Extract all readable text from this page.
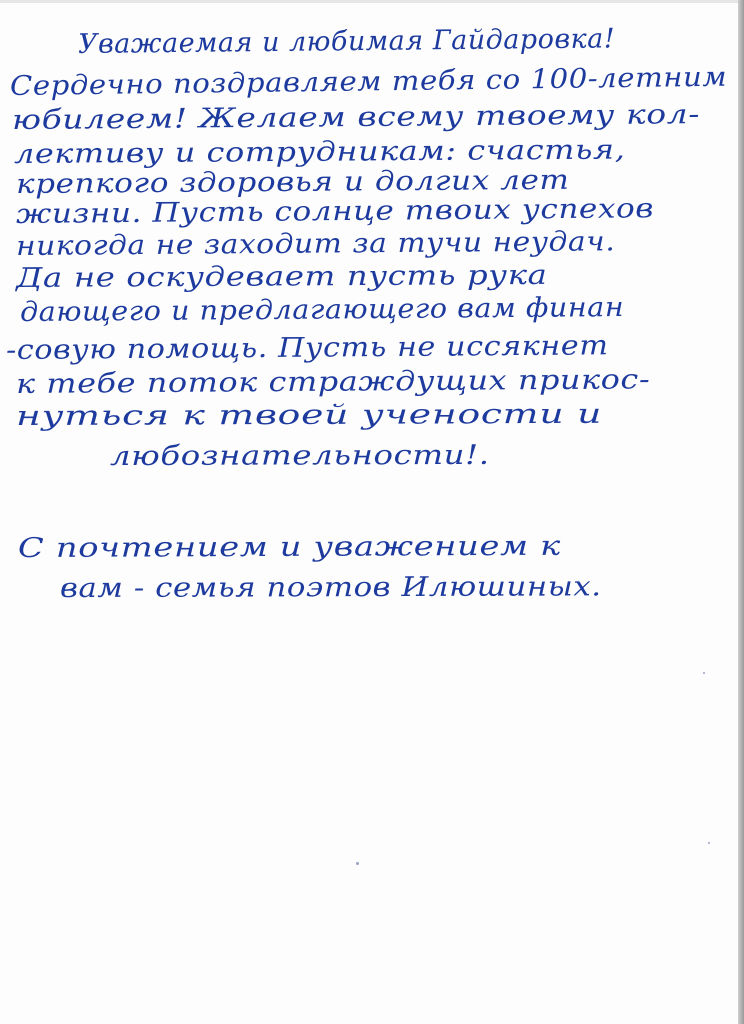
Уважаемая и любимая Гайдаровка!
Сердечно поздравляем тебя со 100-летним
юбилеем! Желаем всему твоему кол-
лективу и сотрудникам: счастья,
крепкого здоровья и долгих лет
жизни. Пусть солнце твоих успехов
никогда не заходит за тучи неудач.
Да не оскудевает пусть рука
дающего и предлагающего вам финан
-совую помощь. Пусть не иссякнет
к тебе поток страждущих прикос-
нуться к твоей учености и
любознательности!.
С почтением и уважением к
вам - семья поэтов Илюшиных.
